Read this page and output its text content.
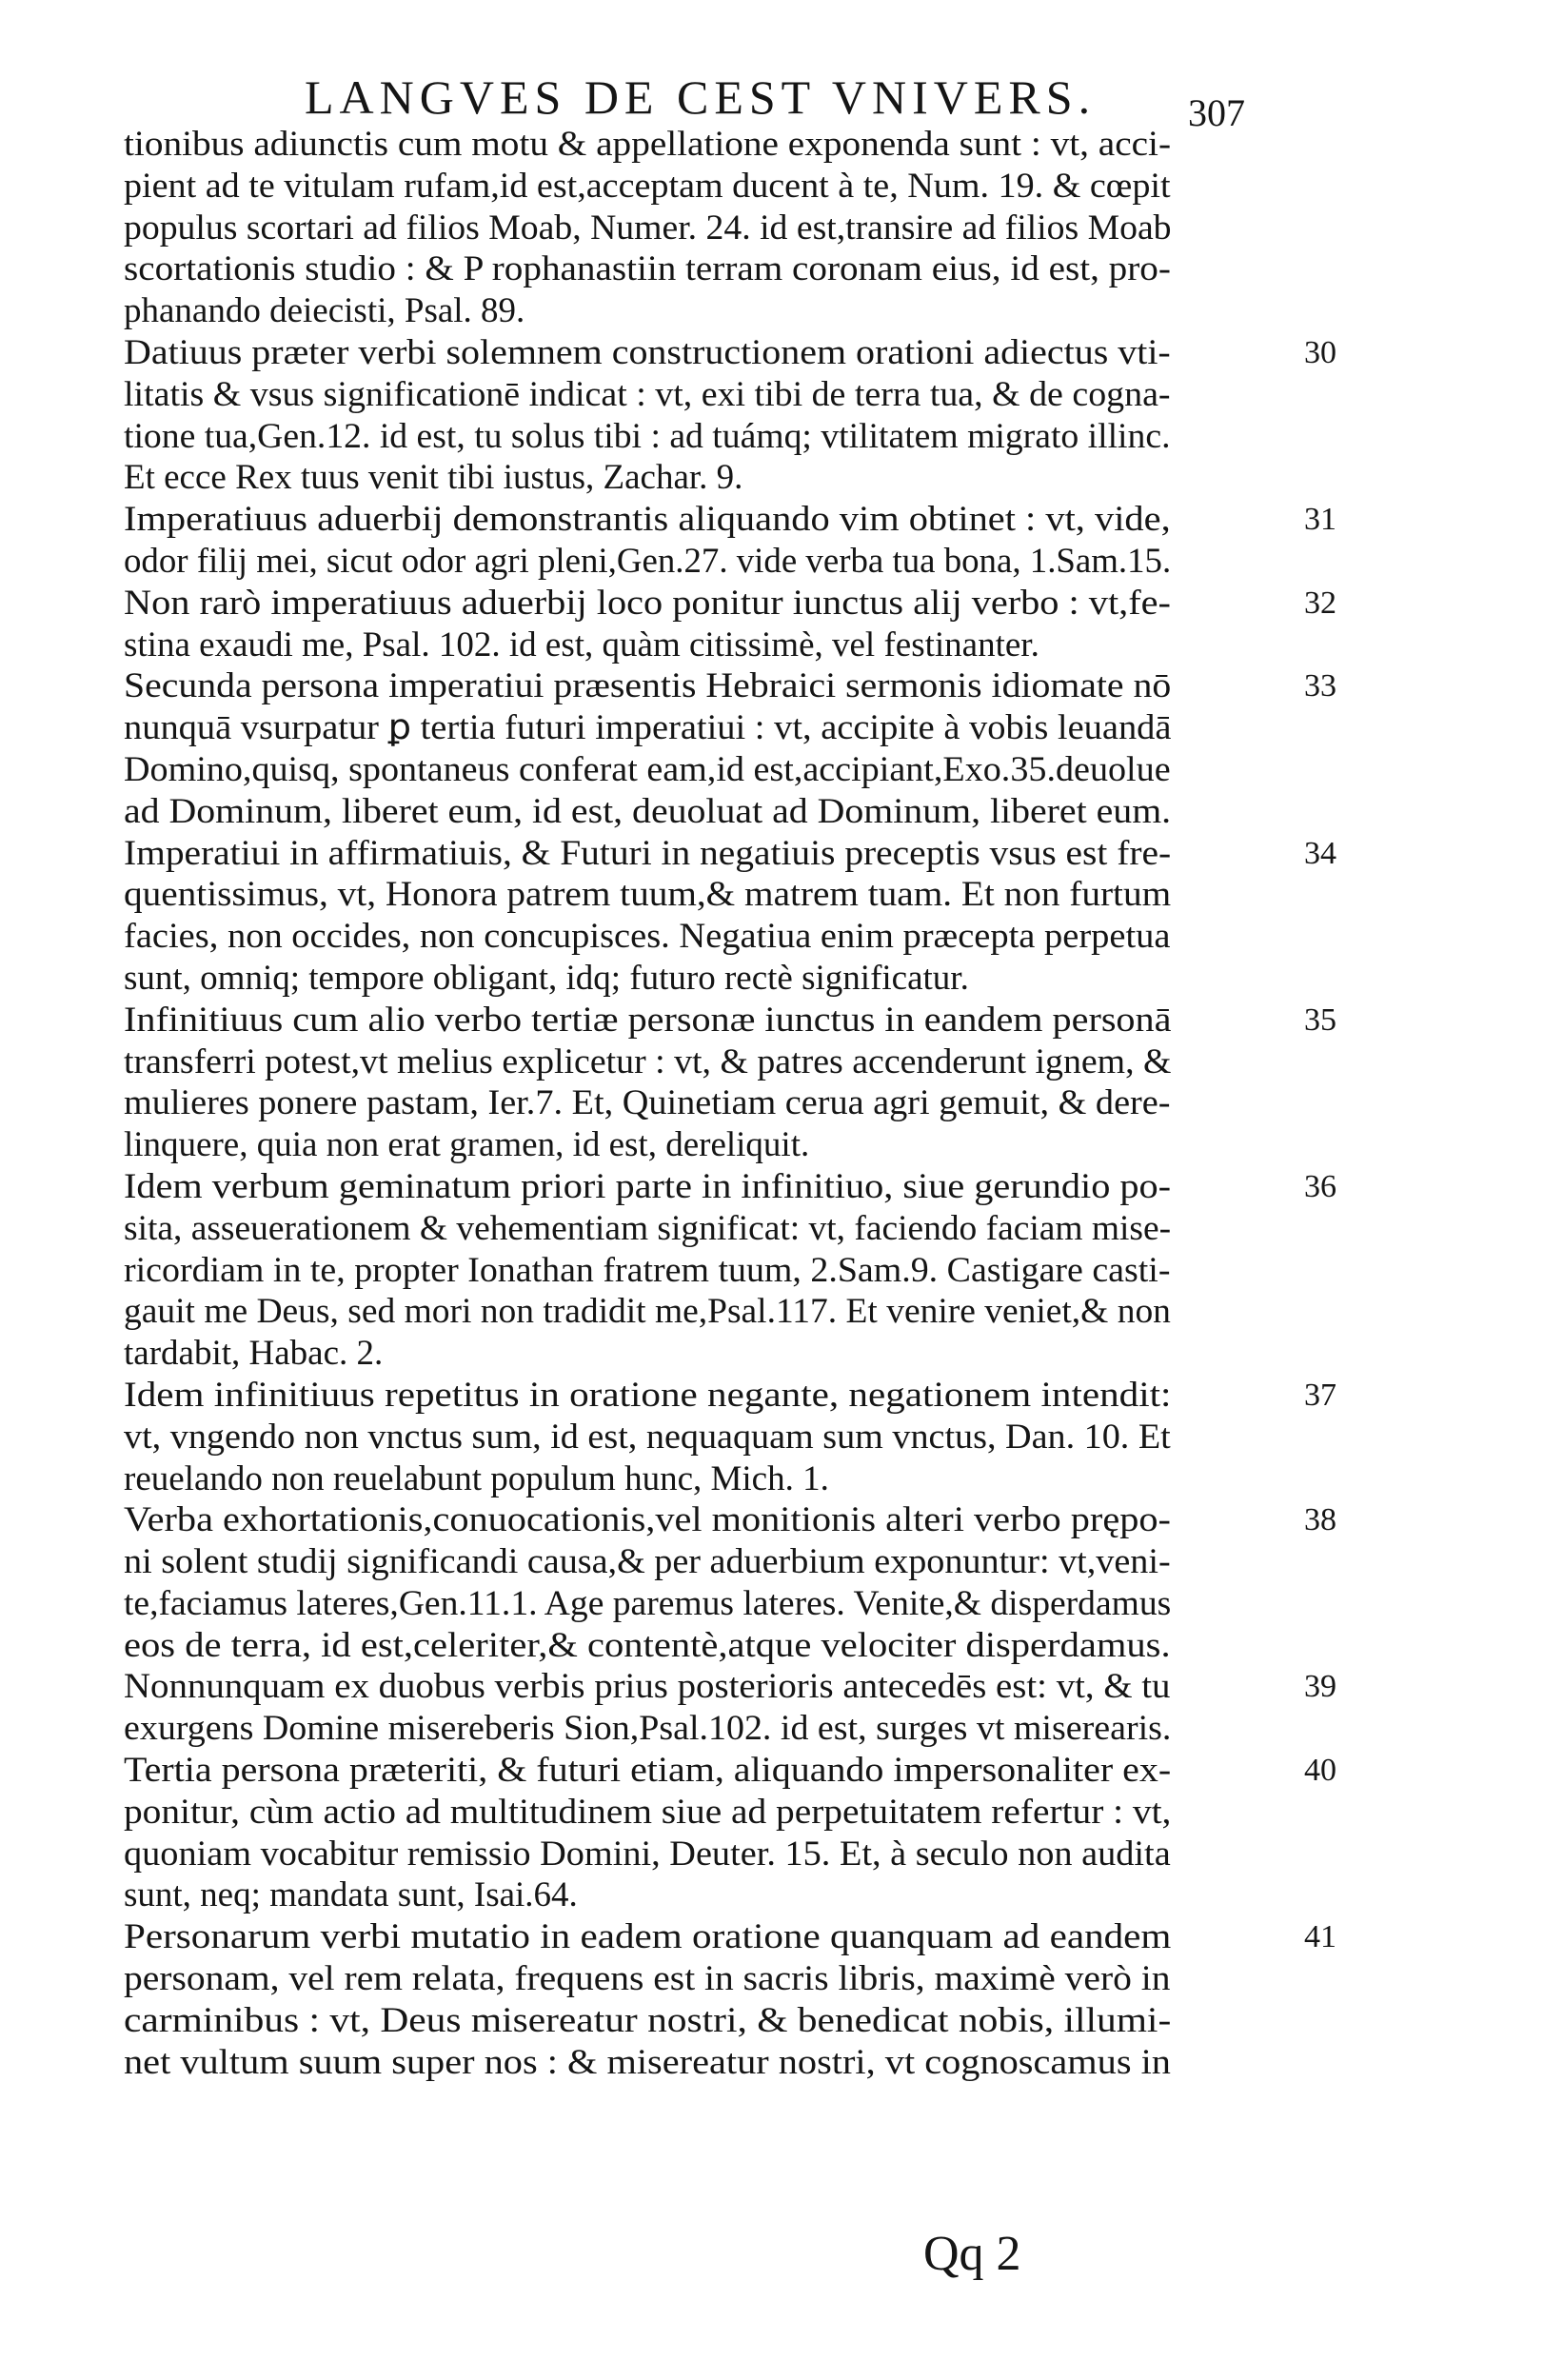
LANGVES DE CEST VNIVERS. 307
tionibus adiunctis cum motu & appellatione exponenda sunt : vt, acci-
pient ad te vitulam rufam,id est,acceptam ducent à te, Num. 19. & cœpit
populus scortari ad filios Moab, Numer. 24. id est,transire ad filios Moab
scortationis studio : & P rophanastiin terram coronam eius, id est, pro-
phanando deiecisti, Psal. 89.
Datiuus præter verbi solemnem constructionem orationi adiectus vti-	30
litatis & vsus significationē indicat : vt, exi tibi de terra tua, & de cogna-
tione tua,Gen.12. id est, tu solus tibi : ad tuámq; vtilitatem migrato illinc.
Et ecce Rex tuus venit tibi iustus, Zachar. 9.
Imperatiuus aduerbij demonstrantis aliquando vim obtinet : vt, vide,	31
odor filij mei, sicut odor agri pleni,Gen.27. vide verba tua bona, 1.Sam.15.
Non rarò imperatiuus aduerbij loco ponitur iunctus alij verbo : vt,fe-	32
stina exaudi me, Psal. 102. id est, quàm citissimè, vel festinanter.
Secunda persona imperatiui præsentis Hebraici sermonis idiomate nō	33
nunquā vsurpatur ꝑ tertia futuri imperatiui : vt, accipite à vobis leuandā
Domino,quisq, spontaneus conferat eam,id est,accipiant,Exo.35.deuolue
ad Dominum, liberet eum, id est, deuoluat ad Dominum, liberet eum.
Imperatiui in affirmatiuis, & Futuri in negatiuis preceptis vsus est fre-	34
quentissimus, vt, Honora patrem tuum,& matrem tuam. Et non furtum
facies, non occides, non concupisces. Negatiua enim præcepta perpetua
sunt, omniq; tempore obligant, idq; futuro rectè significatur.
Infinitiuus cum alio verbo tertiæ personæ iunctus in eandem personā	35
transferri potest,vt melius explicetur : vt, & patres accenderunt ignem, &
mulieres ponere pastam, Ier.7. Et, Quinetiam ceruа agri gemuit, & dere-
linquere, quia non erat gramen, id est, dereliquit.
Idem verbum geminatum priori parte in infinitiuo, siue gerundio po-	36
sita, asseuerationem & vehementiam significat: vt, faciendo faciam mise-
ricordiam in te, propter Ionathan fratrem tuum, 2.Sam.9. Castigare casti-
gauit me Deus, sed mori non tradidit me,Psal.117. Et venire veniet,& non
tardabit, Habac. 2.
Idem infinitiuus repetitus in oratione negante, negationem intendit:	37
vt, vngendo non vnctus sum, id est, nequaquam sum vnctus, Dan. 10. Et
reuelando non reuelabunt populum hunc, Mich. 1.
Verba exhortationis,conuocationis,vel monitionis alteri verbo prępo-	38
ni solent studij significandi causa,& per aduerbium exponuntur: vt,veni-
te,faciamus lateres,Gen.11.1. Age paremus lateres. Venite,& disperdamus
eos de terra, id est,celeriter,& contentè,atque velociter disperdamus.
Nonnunquam ex duobus verbis prius posterioris antecedēs est: vt, & tu	39
exurgens Domine misereberis Sion,Psal.102. id est, surges vt miserearis.
Tertia persona præteriti, & futuri etiam, aliquando impersonaliter ex-	40
ponitur, cùm actio ad multitudinem siue ad perpetuitatem refertur : vt,
quoniam vocabitur remissio Domini, Deuter. 15. Et, à seculo non audita
sunt, neq; mandata sunt, Isai.64.
Personarum verbi mutatio in eadem oratione quanquam ad eandem	41
personam, vel rem relata, frequens est in sacris libris, maximè verò in
carminibus : vt, Deus misereatur nostri, & benedicat nobis, illumi-
net vultum suum super nos : & misereatur nostri, vt cognoscamus in
Qq 2
